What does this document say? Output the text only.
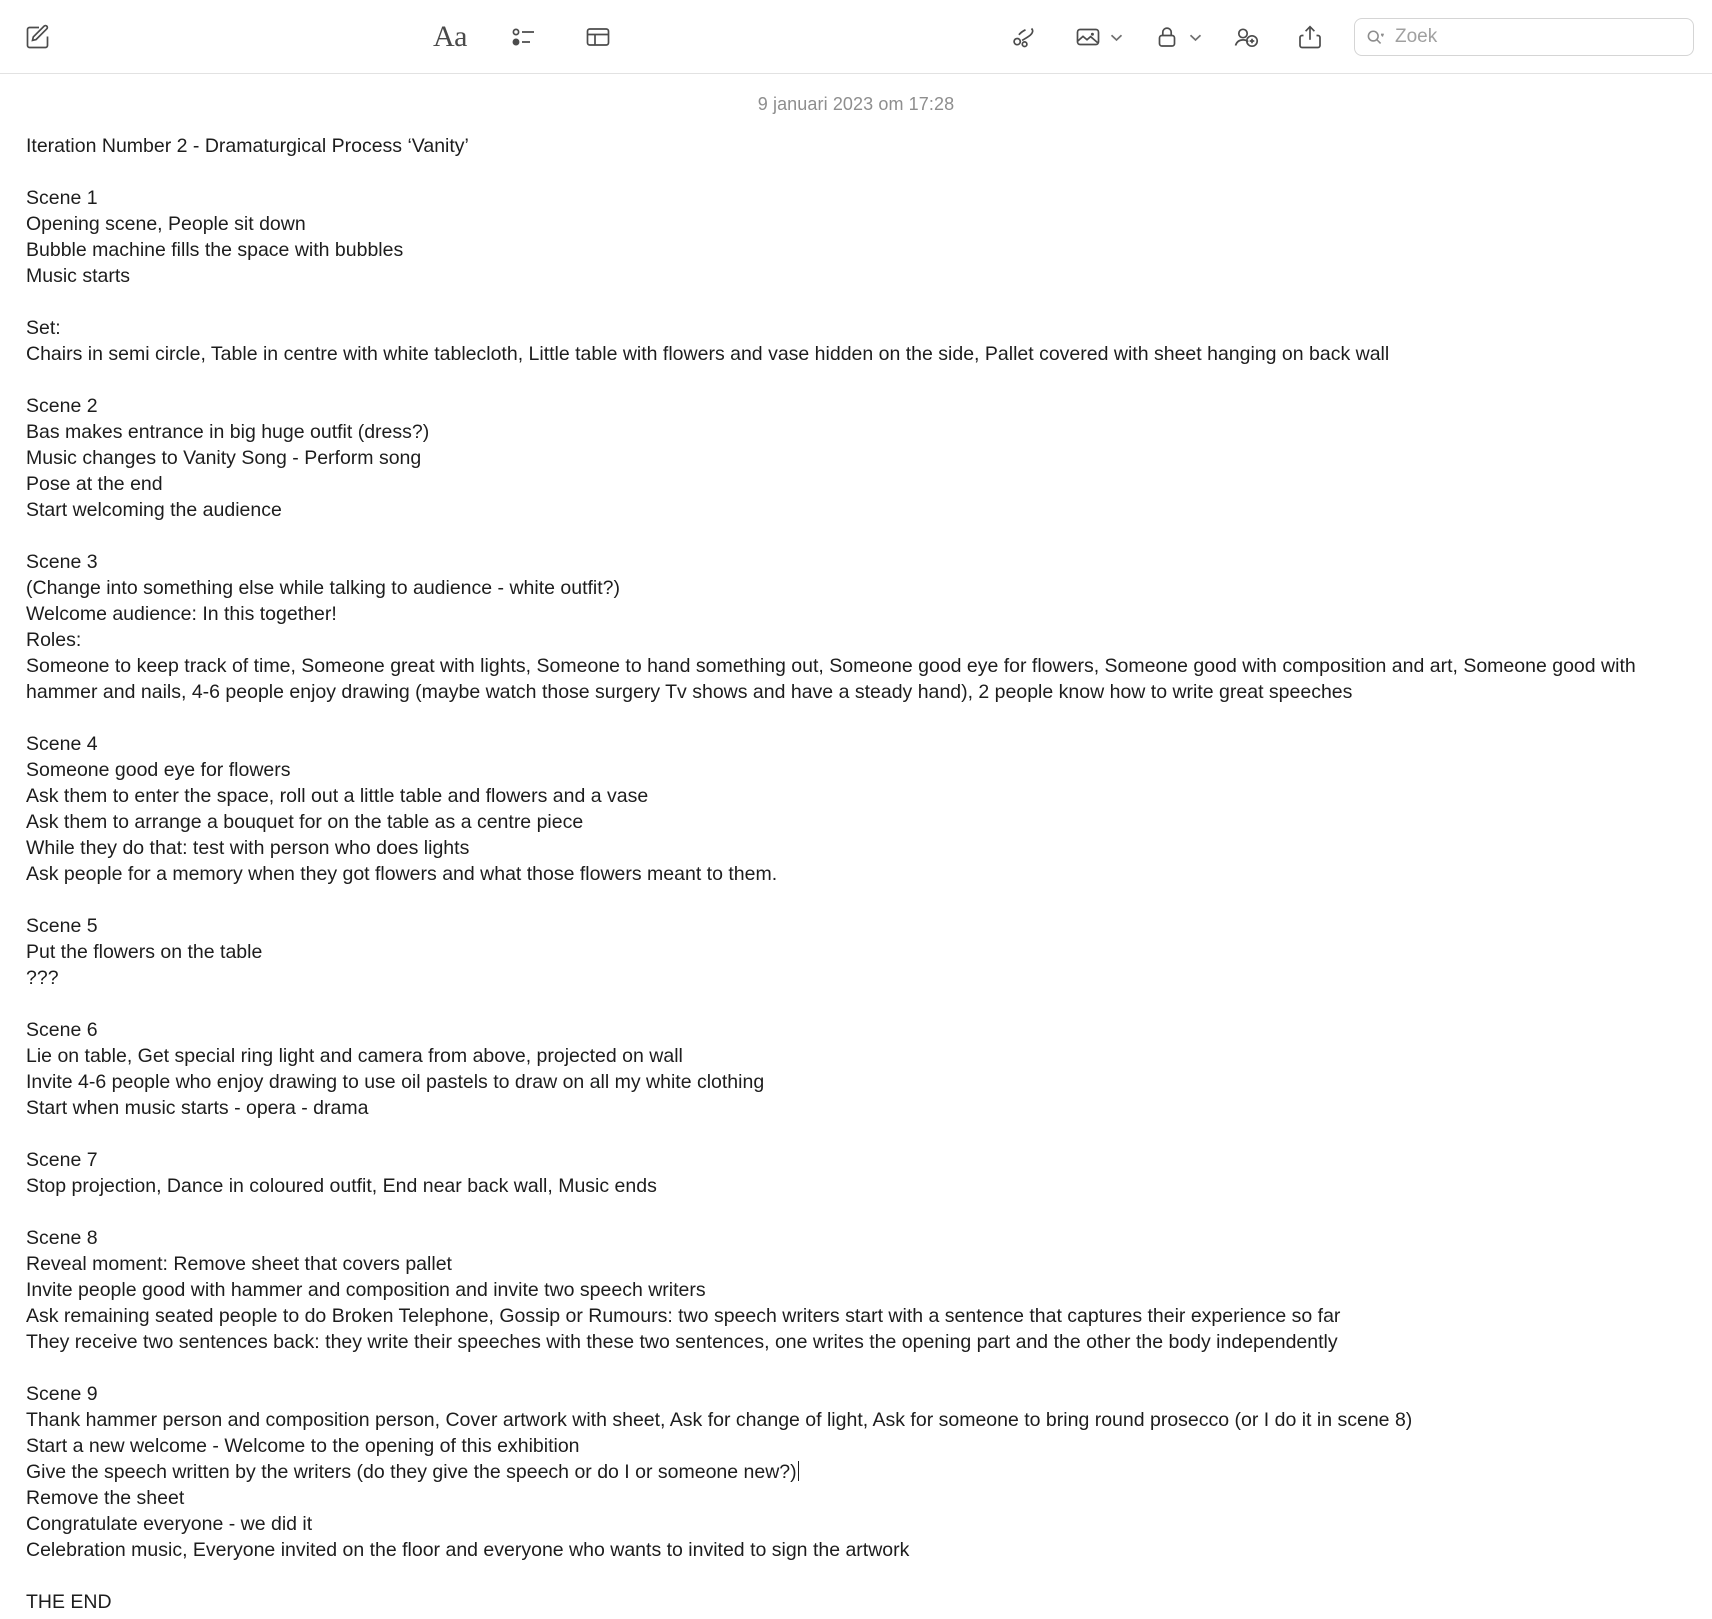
Aa	Zoek
9 januari 2023 om 17:28
Iteration Number 2 - Dramaturgical Process ‘Vanity’
Scene 1
Opening scene, People sit down
Bubble machine fills the space with bubbles
Music starts
Set:
Chairs in semi circle, Table in centre with white tablecloth, Little table with flowers and vase hidden on the side, Pallet covered with sheet hanging on back wall
Scene 2
Bas makes entrance in big huge outfit (dress?)
Music changes to Vanity Song - Perform song
Pose at the end
Start welcoming the audience
Scene 3
(Change into something else while talking to audience - white outfit?)
Welcome audience: In this together!
Roles:
Someone to keep track of time, Someone great with lights, Someone to hand something out, Someone good eye for flowers, Someone good with composition and art, Someone good with hammer and nails, 4-6 people enjoy drawing (maybe watch those surgery Tv shows and have a steady hand), 2 people know how to write great speeches
Scene 4
Someone good eye for flowers
Ask them to enter the space, roll out a little table and flowers and a vase
Ask them to arrange a bouquet for on the table as a centre piece
While they do that: test with person who does lights
Ask people for a memory when they got flowers and what those flowers meant to them.
Scene 5
Put the flowers on the table
???
Scene 6
Lie on table, Get special ring light and camera from above, projected on wall
Invite 4-6 people who enjoy drawing to use oil pastels to draw on all my white clothing
Start when music starts - opera - drama
Scene 7
Stop projection, Dance in coloured outfit, End near back wall, Music ends
Scene 8
Reveal moment: Remove sheet that covers pallet
Invite people good with hammer and composition and invite two speech writers
Ask remaining seated people to do Broken Telephone, Gossip or Rumours: two speech writers start with a sentence that captures their experience so far
They receive two sentences back: they write their speeches with these two sentences, one writes the opening part and the other the body independently
Scene 9
Thank hammer person and composition person, Cover artwork with sheet, Ask for change of light, Ask for someone to bring round prosecco (or I do it in scene 8)
Start a new welcome - Welcome to the opening of this exhibition
Give the speech written by the writers (do they give the speech or do I or someone new?)
Remove the sheet
Congratulate everyone - we did it
Celebration music, Everyone invited on the floor and everyone who wants to invited to sign the artwork
THE END
